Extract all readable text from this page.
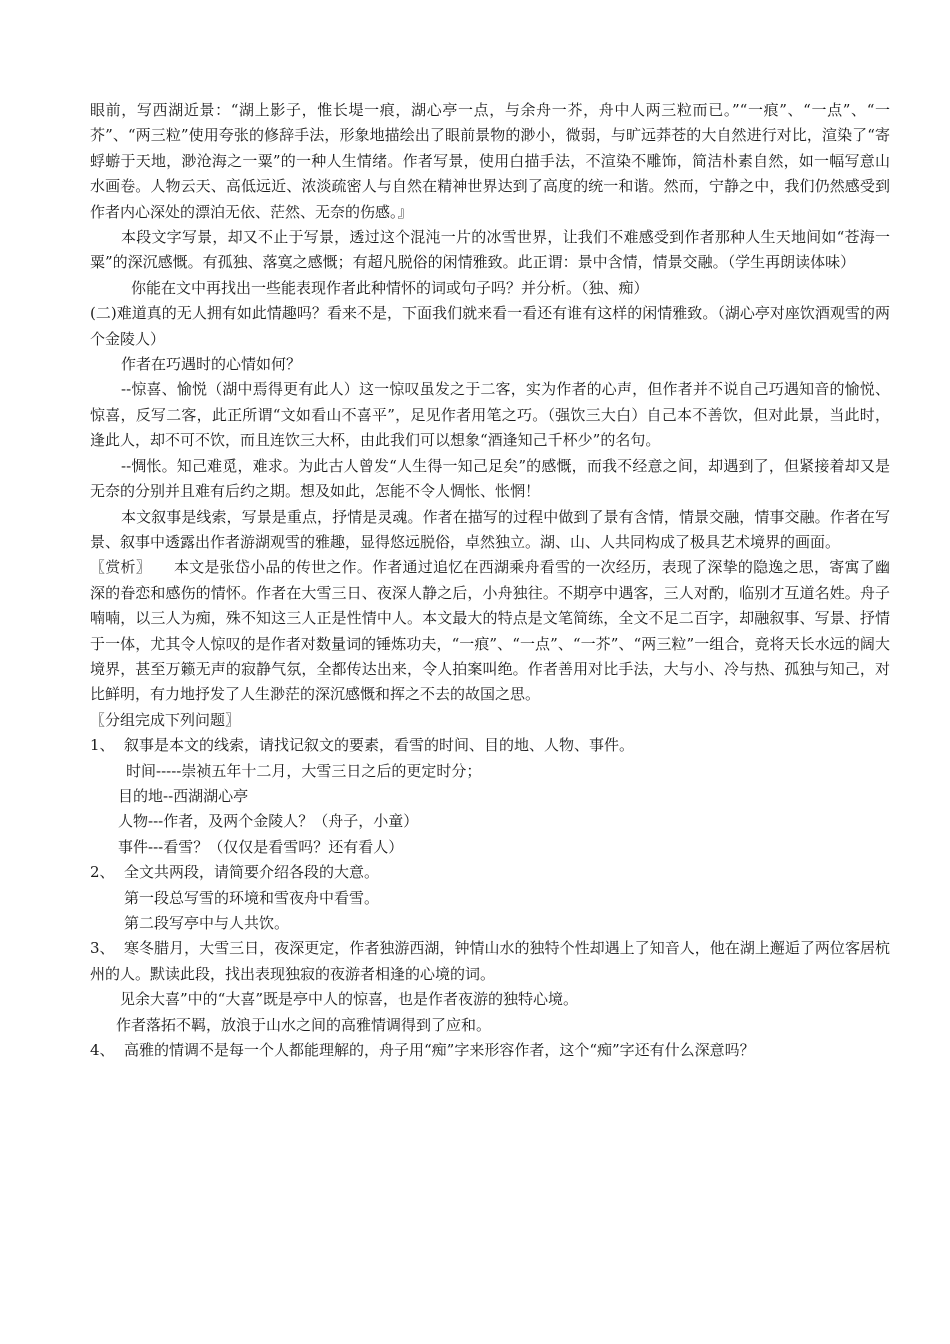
眼前，写西湖近景：“湖上影子，惟长堤一痕，湖心亭一点，与余舟一芥，舟中人两三粒而已。”“一痕”、“一点”、“一芥”、“两三粒”使用夸张的修辞手法，形象地描绘出了眼前景物的渺小，微弱，与旷远莽苍的大自然进行对比，渲染了“寄蜉蝣于天地，渺沧海之一粟”的一种人生情绪。作者写景，使用白描手法，不渲染不雕饰，简洁朴素自然，如一幅写意山水画卷。人物云天、高低远近、浓淡疏密人与自然在精神世界达到了高度的统一和谐。然而，宁静之中，我们仍然感受到作者内心深处的漂泊无依、茫然、无奈的伤感。』

本段文字写景，却又不止于写景，透过这个混沌一片的冰雪世界，让我们不难感受到作者那种人生天地间如“苍海一粟”的深沉感慨。有孤独、落寞之感慨；有超凡脱俗的闲情雅致。此正谓：景中含情，情景交融。（学生再朗读体味）

你能在文中再找出一些能表现作者此种情怀的词或句子吗？并分析。（独、痴）

(二)难道真的无人拥有如此情趣吗？看来不是，下面我们就来看一看还有谁有这样的闲情雅致。（湖心亭对座饮酒观雪的两个金陵人）

作者在巧遇时的心情如何？

--惊喜、愉悦（湖中焉得更有此人）这一惊叹虽发之于二客，实为作者的心声，但作者并不说自己巧遇知音的愉悦、惊喜，反写二客，此正所谓“文如看山不喜平”，足见作者用笔之巧。（强饮三大白）自己本不善饮，但对此景，当此时，逢此人，却不可不饮，而且连饮三大杯，由此我们可以想象“酒逢知己千杯少”的名句。

--惆怅。知己难觅，难求。为此古人曾发“人生得一知己足矣”的感慨，而我不经意之间，却遇到了，但紧接着却又是无奈的分别并且难有后约之期。想及如此，怎能不令人惆怅、怅惘！

本文叙事是线索，写景是重点，抒情是灵魂。作者在描写的过程中做到了景有含情，情景交融，情事交融。作者在写景、叙事中透露出作者游湖观雪的雅趣，显得悠远脱俗，卓然独立。湖、山、人共同构成了极具艺术境界的画面。

〖赏析〗　　本文是张岱小品的传世之作。作者通过追忆在西湖乘舟看雪的一次经历，表现了深挚的隐逸之思，寄寓了幽深的眷恋和感伤的情怀。作者在大雪三日、夜深人静之后，小舟独往。不期亭中遇客，三人对酌，临别才互道名姓。舟子喃喃，以三人为痴，殊不知这三人正是性情中人。本文最大的特点是文笔简练，全文不足二百字，却融叙事、写景、抒情于一体，尤其令人惊叹的是作者对数量词的锤炼功夫，“一痕”、“一点”、“一芥”、“两三粒”一组合，竟将天长水远的阔大境界，甚至万籁无声的寂静气氛，全都传达出来，令人拍案叫绝。作者善用对比手法，大与小、冷与热、孤独与知己，对比鲜明，有力地抒发了人生渺茫的深沉感慨和挥之不去的故国之思。

〖分组完成下列问题〗

1、 叙事是本文的线索，请找记叙文的要素，看雪的时间、目的地、人物、事件。

时间-----崇祯五年十二月，大雪三日之后的更定时分；

目的地--西湖湖心亭

人物---作者，及两个金陵人？（舟子，小童）

事件---看雪？（仅仅是看雪吗？还有看人）

2、 全文共两段，请简要介绍各段的大意。

第一段总写雪的环境和雪夜舟中看雪。

第二段写亭中与人共饮。

3、 寒冬腊月，大雪三日，夜深更定，作者独游西湖，钟情山水的独特个性却遇上了知音人，他在湖上邂逅了两位客居杭州的人。默读此段，找出表现独寂的夜游者相逢的心境的词。

见余大喜”中的“大喜”既是亭中人的惊喜，也是作者夜游的独特心境。

作者落拓不羁，放浪于山水之间的高雅情调得到了应和。

4、 高雅的情调不是每一个人都能理解的，舟子用“痴”字来形容作者，这个“痴”字还有什么深意吗？
